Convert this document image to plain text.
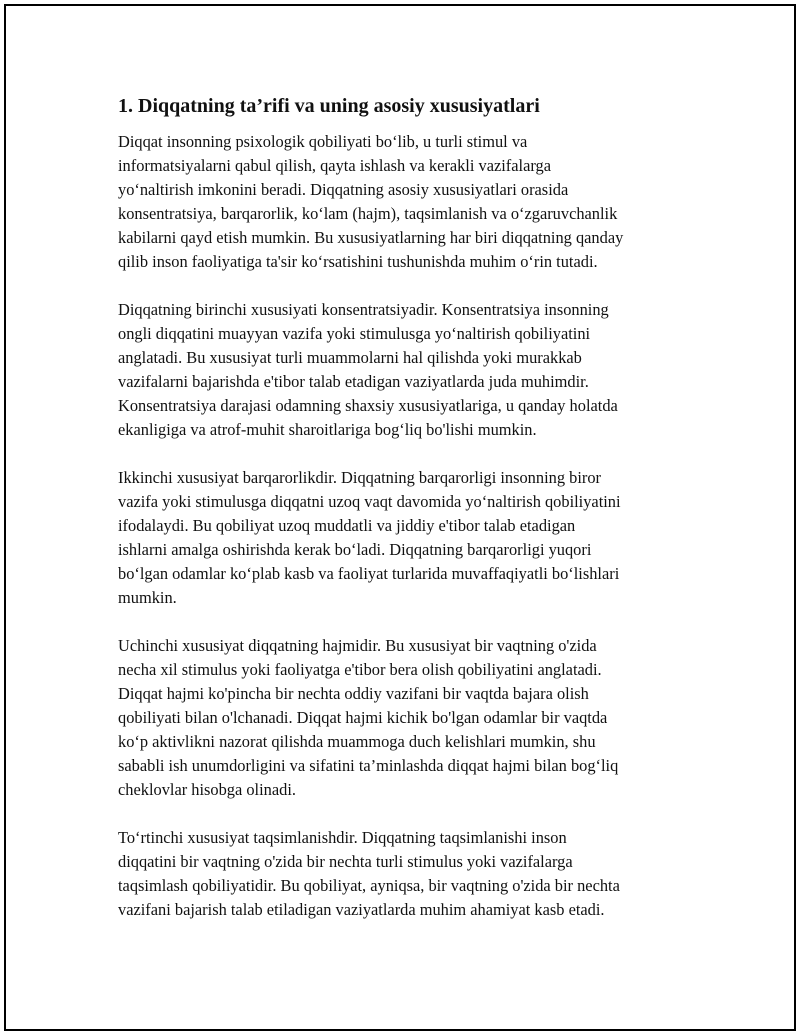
1. Diqqatning ta’rifi va uning asosiy xususiyatlari

Diqqat insonning psixologik qobiliyati bo‘lib, u turli stimul va
informatsiyalarni qabul qilish, qayta ishlash va kerakli vazifalarga
yo‘naltirish imkonini beradi. Diqqatning asosiy xususiyatlari orasida
konsentratsiya, barqarorlik, ko‘lam (hajm), taqsimlanish va o‘zgaruvchanlik
kabilarni qayd etish mumkin. Bu xususiyatlarning har biri diqqatning qanday
qilib inson faoliyatiga ta'sir ko‘rsatishini tushunishda muhim o‘rin tutadi.

Diqqatning birinchi xususiyati konsentratsiyadir. Konsentratsiya insonning
ongli diqqatini muayyan vazifa yoki stimulusga yo‘naltirish qobiliyatini
anglatadi. Bu xususiyat turli muammolarni hal qilishda yoki murakkab
vazifalarni bajarishda e'tibor talab etadigan vaziyatlarda juda muhimdir.
Konsentratsiya darajasi odamning shaxsiy xususiyatlariga, u qanday holatda
ekanligiga va atrof-muhit sharoitlariga bog‘liq bo'lishi mumkin.

Ikkinchi xususiyat barqarorlikdir. Diqqatning barqarorligi insonning biror
vazifa yoki stimulusga diqqatni uzoq vaqt davomida yo‘naltirish qobiliyatini
ifodalaydi. Bu qobiliyat uzoq muddatli va jiddiy e'tibor talab etadigan
ishlarni amalga oshirishda kerak bo‘ladi. Diqqatning barqarorligi yuqori
bo‘lgan odamlar ko‘plab kasb va faoliyat turlarida muvaffaqiyatli bo‘lishlari
mumkin.

Uchinchi xususiyat diqqatning hajmidir. Bu xususiyat bir vaqtning o'zida
necha xil stimulus yoki faoliyatga e'tibor bera olish qobiliyatini anglatadi.
Diqqat hajmi ko'pincha bir nechta oddiy vazifani bir vaqtda bajara olish
qobiliyati bilan o'lchanadi. Diqqat hajmi kichik bo'lgan odamlar bir vaqtda
ko‘p aktivlikni nazorat qilishda muammoga duch kelishlari mumkin, shu
sababli ish unumdorligini va sifatini ta’minlashda diqqat hajmi bilan bog‘liq
cheklovlar hisobga olinadi.

To‘rtinchi xususiyat taqsimlanishdir. Diqqatning taqsimlanishi inson
diqqatini bir vaqtning o'zida bir nechta turli stimulus yoki vazifalarga
taqsimlash qobiliyatidir. Bu qobiliyat, ayniqsa, bir vaqtning o'zida bir nechta
vazifani bajarish talab etiladigan vaziyatlarda muhim ahamiyat kasb etadi.
